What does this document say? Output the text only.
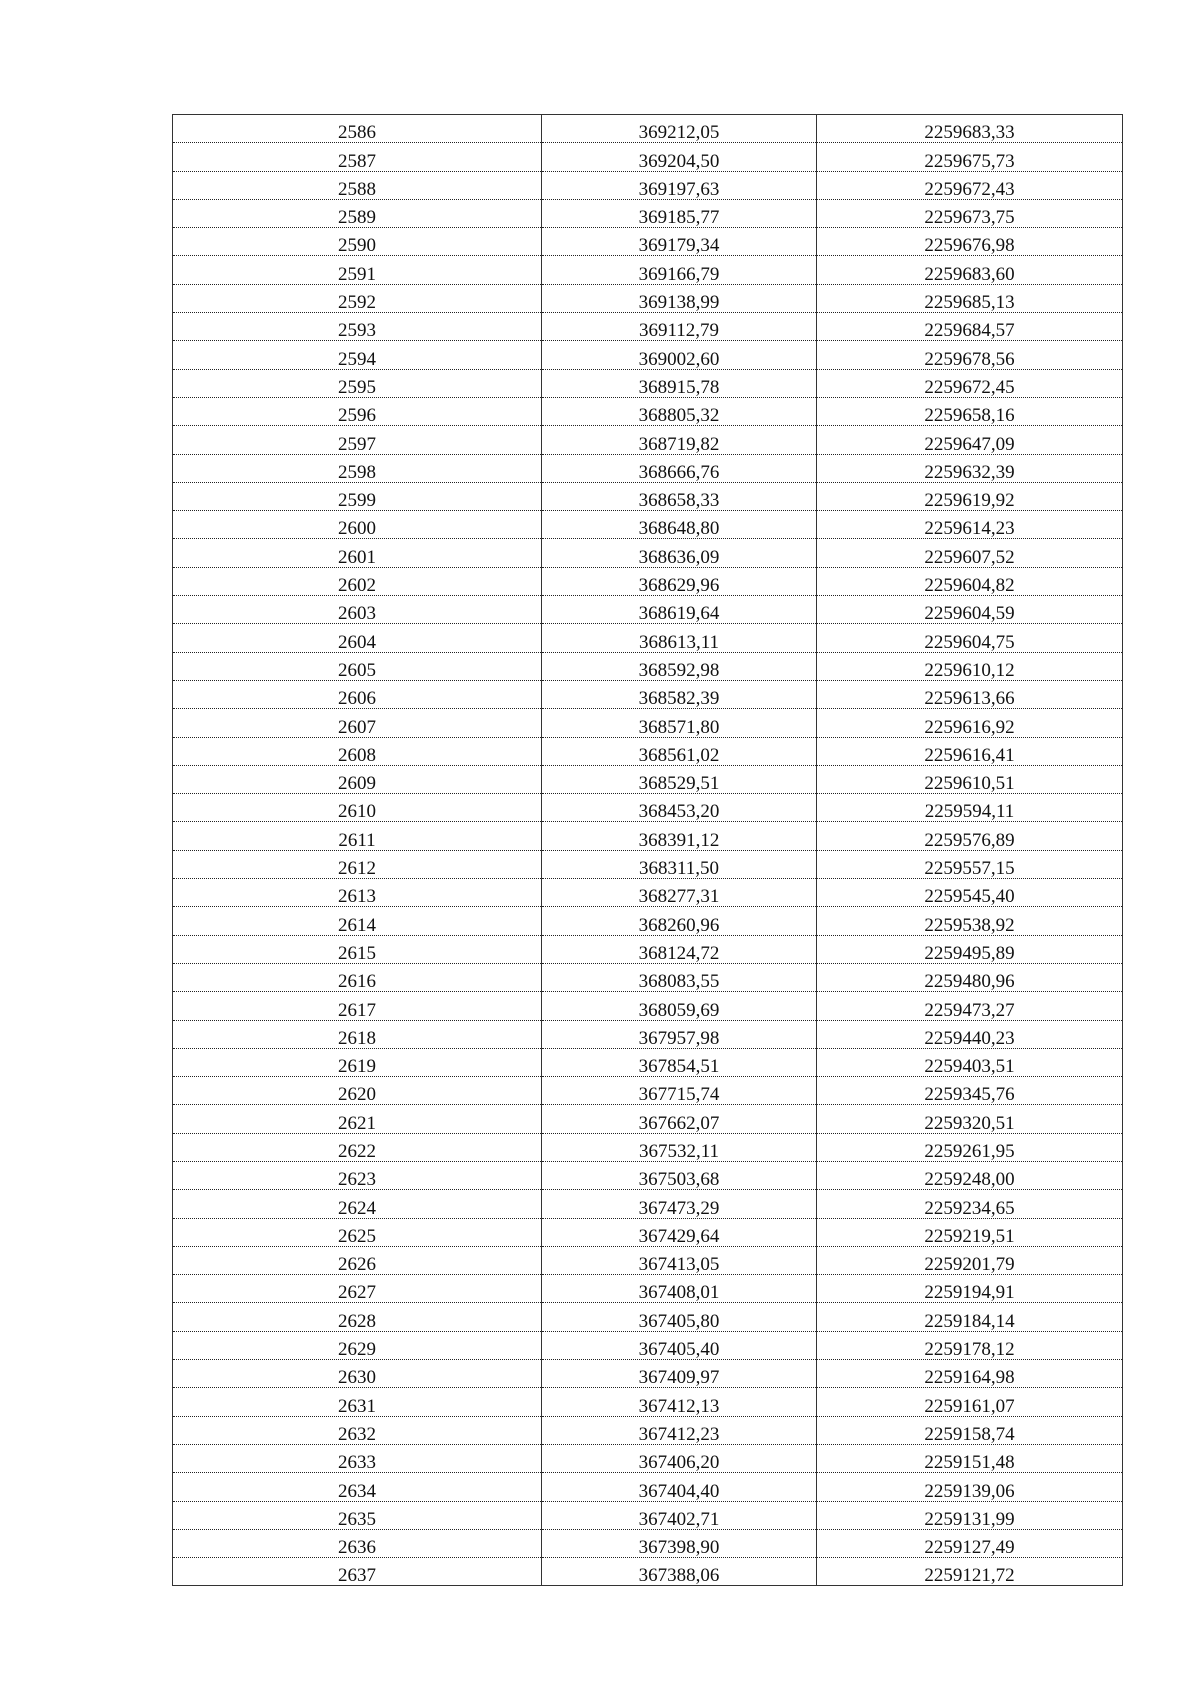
2586	369212,05	2259683,33
2587	369204,50	2259675,73
2588	369197,63	2259672,43
2589	369185,77	2259673,75
2590	369179,34	2259676,98
2591	369166,79	2259683,60
2592	369138,99	2259685,13
2593	369112,79	2259684,57
2594	369002,60	2259678,56
2595	368915,78	2259672,45
2596	368805,32	2259658,16
2597	368719,82	2259647,09
2598	368666,76	2259632,39
2599	368658,33	2259619,92
2600	368648,80	2259614,23
2601	368636,09	2259607,52
2602	368629,96	2259604,82
2603	368619,64	2259604,59
2604	368613,11	2259604,75
2605	368592,98	2259610,12
2606	368582,39	2259613,66
2607	368571,80	2259616,92
2608	368561,02	2259616,41
2609	368529,51	2259610,51
2610	368453,20	2259594,11
2611	368391,12	2259576,89
2612	368311,50	2259557,15
2613	368277,31	2259545,40
2614	368260,96	2259538,92
2615	368124,72	2259495,89
2616	368083,55	2259480,96
2617	368059,69	2259473,27
2618	367957,98	2259440,23
2619	367854,51	2259403,51
2620	367715,74	2259345,76
2621	367662,07	2259320,51
2622	367532,11	2259261,95
2623	367503,68	2259248,00
2624	367473,29	2259234,65
2625	367429,64	2259219,51
2626	367413,05	2259201,79
2627	367408,01	2259194,91
2628	367405,80	2259184,14
2629	367405,40	2259178,12
2630	367409,97	2259164,98
2631	367412,13	2259161,07
2632	367412,23	2259158,74
2633	367406,20	2259151,48
2634	367404,40	2259139,06
2635	367402,71	2259131,99
2636	367398,90	2259127,49
2637	367388,06	2259121,72
